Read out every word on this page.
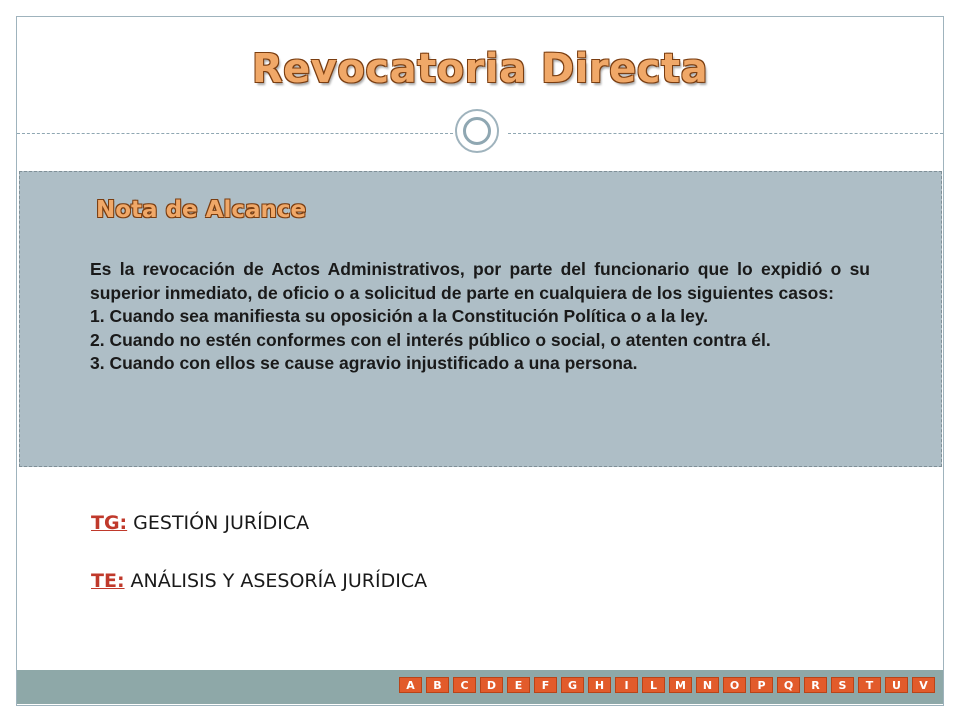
Revocatoria Directa
Nota de Alcance

Es la revocación de Actos Administrativos, por parte del funcionario que lo expidió o su superior inmediato, de oficio o a solicitud de parte en cualquiera de los siguientes casos:

1. Cuando sea manifiesta su oposición a la Constitución Política o a la ley.

2. Cuando no estén conformes con el interés público o social, o atenten contra él.

3. Cuando con ellos se cause agravio injustificado a una persona.

TG: GESTIÓN JURÍDICA
TE: ANÁLISIS Y ASESORÍA JURÍDICA
A	B	C	D	E	F	G	H	I	L	M	N	O	P	Q	R	S	T	U	V
